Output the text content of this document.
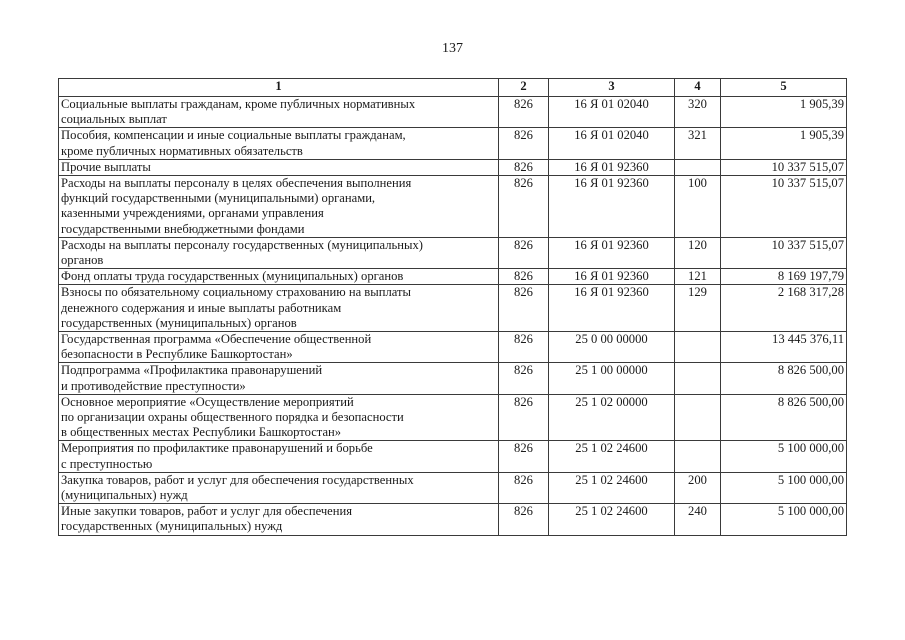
137
1	2	3	4	5
Социальные выплаты гражданам, кроме публичных нормативных
социальных выплат	826	16 Я 01 02040	320	1 905,39
Пособия, компенсации и иные социальные выплаты гражданам,
кроме публичных нормативных обязательств	826	16 Я 01 02040	321	1 905,39
Прочие выплаты	826	16 Я 01 92360		10 337 515,07
Расходы на выплаты персоналу в целях обеспечения выполнения
функций государственными (муниципальными) органами,
казенными учреждениями, органами управления
государственными внебюджетными фондами	826	16 Я 01 92360	100	10 337 515,07
Расходы на выплаты персоналу государственных (муниципальных)
органов	826	16 Я 01 92360	120	10 337 515,07
Фонд оплаты труда государственных (муниципальных) органов	826	16 Я 01 92360	121	8 169 197,79
Взносы по обязательному социальному страхованию на выплаты
денежного содержания и иные выплаты работникам
государственных (муниципальных) органов	826	16 Я 01 92360	129	2 168 317,28
Государственная программа «Обеспечение общественной
безопасности в Республике Башкортостан»	826	25 0 00 00000		13 445 376,11
Подпрограмма «Профилактика правонарушений
и противодействие преступности»	826	25 1 00 00000		8 826 500,00
Основное мероприятие «Осуществление мероприятий
по организации охраны общественного порядка и безопасности
в общественных местах Республики Башкортостан»	826	25 1 02 00000		8 826 500,00
Мероприятия по профилактике правонарушений и борьбе
с преступностью	826	25 1 02 24600		5 100 000,00
Закупка товаров, работ и услуг для обеспечения государственных
(муниципальных) нужд	826	25 1 02 24600	200	5 100 000,00
Иные закупки товаров, работ и услуг для обеспечения
государственных (муниципальных) нужд	826	25 1 02 24600	240	5 100 000,00
